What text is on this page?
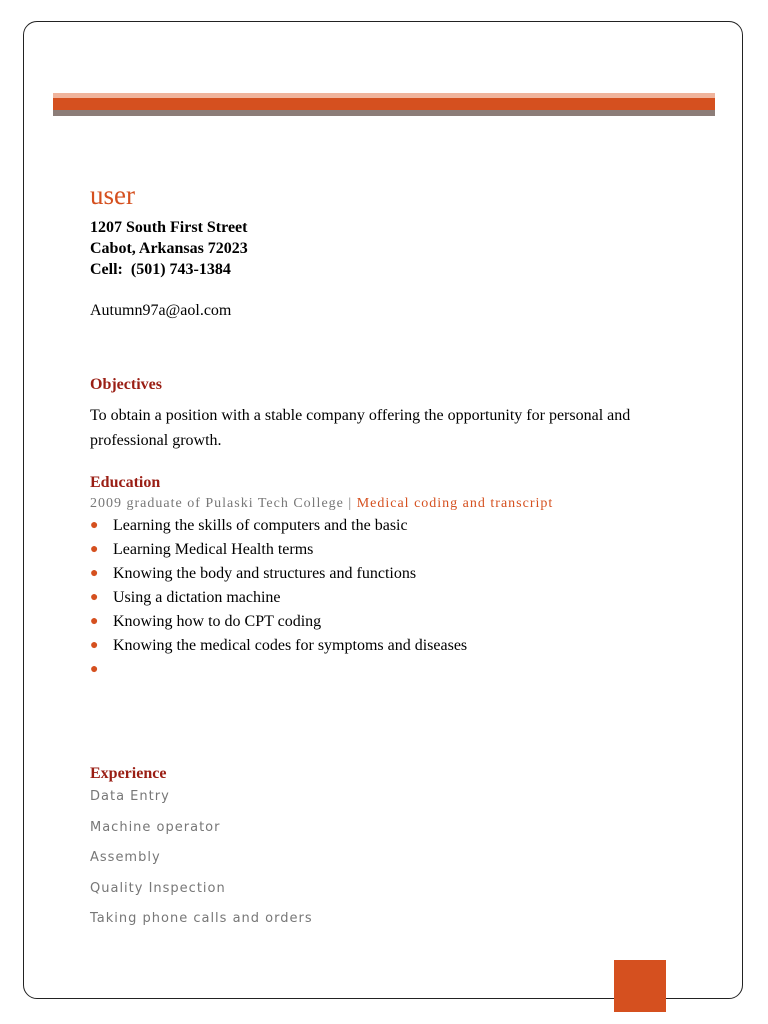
user
1207 South First Street
Cabot, Arkansas 72023
Cell:  (501) 743-1384
Autumn97a@aol.com
Objectives
To obtain a position with a stable company offering the opportunity for personal and professional growth.
Education
2009 graduate of Pulaski Tech College | Medical coding and transcript
● Learning the skills of computers and the basic
● Learning Medical Health terms
● Knowing the body and structures and functions
● Using a dictation machine
● Knowing how to do CPT coding
● Knowing the medical codes for symptoms and diseases
●
Experience
Data Entry
Machine operator
Assembly
Quality Inspection
Taking phone calls and orders
